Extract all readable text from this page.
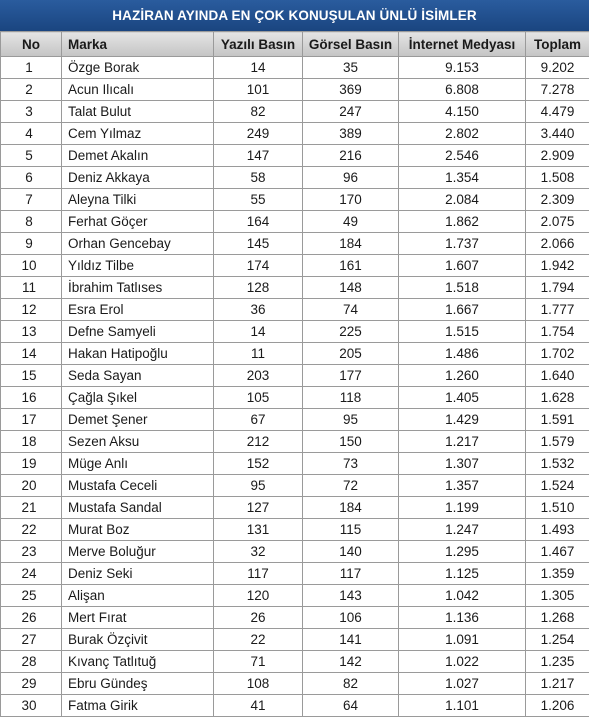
HAZİRAN AYINDA EN ÇOK KONUŞULAN ÜNLÜ İSİMLER
No	Marka	Yazılı Basın	Görsel Basın	İnternet Medyası	Toplam
1	Özge Borak	14	35	9.153	9.202
2	Acun Ilıcalı	101	369	6.808	7.278
3	Talat Bulut	82	247	4.150	4.479
4	Cem Yılmaz	249	389	2.802	3.440
5	Demet Akalın	147	216	2.546	2.909
6	Deniz Akkaya	58	96	1.354	1.508
7	Aleyna Tilki	55	170	2.084	2.309
8	Ferhat Göçer	164	49	1.862	2.075
9	Orhan Gencebay	145	184	1.737	2.066
10	Yıldız Tilbe	174	161	1.607	1.942
11	İbrahim Tatlıses	128	148	1.518	1.794
12	Esra Erol	36	74	1.667	1.777
13	Defne Samyeli	14	225	1.515	1.754
14	Hakan Hatipoğlu	11	205	1.486	1.702
15	Seda Sayan	203	177	1.260	1.640
16	Çağla Şıkel	105	118	1.405	1.628
17	Demet Şener	67	95	1.429	1.591
18	Sezen Aksu	212	150	1.217	1.579
19	Müge Anlı	152	73	1.307	1.532
20	Mustafa Ceceli	95	72	1.357	1.524
21	Mustafa Sandal	127	184	1.199	1.510
22	Murat Boz	131	115	1.247	1.493
23	Merve Boluğur	32	140	1.295	1.467
24	Deniz Seki	117	117	1.125	1.359
25	Alişan	120	143	1.042	1.305
26	Mert Fırat	26	106	1.136	1.268
27	Burak Özçivit	22	141	1.091	1.254
28	Kıvanç Tatlıtuğ	71	142	1.022	1.235
29	Ebru Gündeş	108	82	1.027	1.217
30	Fatma Girik	41	64	1.101	1.206
